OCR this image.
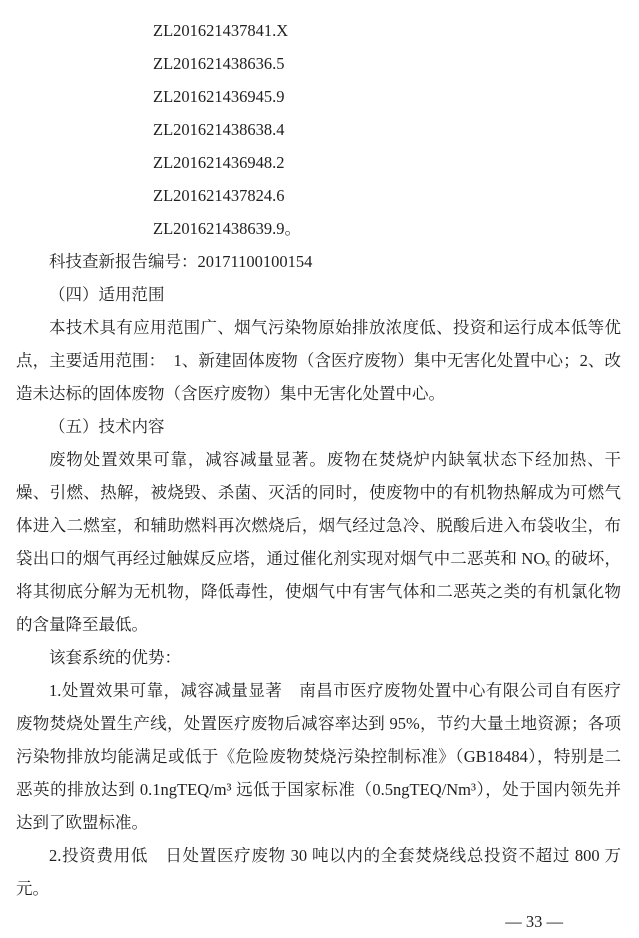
ZL201621437841.X
ZL201621438636.5
ZL201621436945.9
ZL201621438638.4
ZL201621436948.2
ZL201621437824.6
ZL201621438639.9。

科技查新报告编号：20171100100154

（四）适用范围

本技术具有应用范围广、烟气污染物原始排放浓度低、投资和运行成本低等优点，主要适用范围：　1、新建固体废物（含医疗废物）集中无害化处置中心；2、改造未达标的固体废物（含医疗废物）集中无害化处置中心。

（五）技术内容

废物处置效果可靠，减容减量显著。废物在焚烧炉内缺氧状态下经加热、干燥、引燃、热解，被烧毁、杀菌、灭活的同时，使废物中的有机物热解成为可燃气体进入二燃室，和辅助燃料再次燃烧后，烟气经过急冷、脱酸后进入布袋收尘，布袋出口的烟气再经过触媒反应塔，通过催化剂实现对烟气中二恶英和 NOₓ 的破坏，将其彻底分解为无机物，降低毒性，使烟气中有害气体和二恶英之类的有机氯化物的含量降至最低。

该套系统的优势：

1.处置效果可靠，减容减量显著　南昌市医疗废物处置中心有限公司自有医疗废物焚烧处置生产线，处置医疗废物后减容率达到 95%，节约大量土地资源；各项污染物排放均能满足或低于《危险废物焚烧污染控制标准》（GB18484），特别是二恶英的排放达到 0.1ngTEQ/m³ 远低于国家标准（0.5ngTEQ/Nm³），处于国内领先并达到了欧盟标准。

2.投资费用低　日处置医疗废物 30 吨以内的全套焚烧线总投资不超过 800 万元。

— 33 —
